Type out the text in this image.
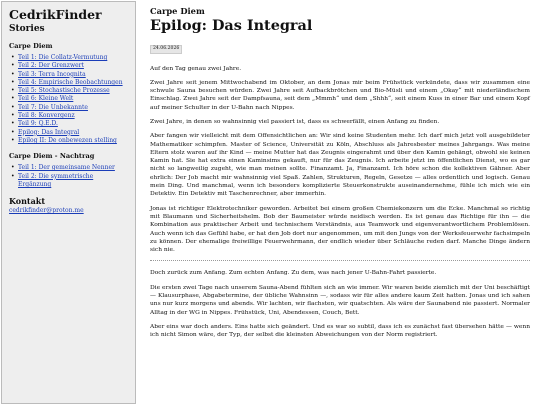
CedrikFinder
Stories
Carpe Diem
• Teil 1: Die Collatz-Vermutung
• Teil 2: Der Grenzwert
• Teil 3: Terra Incognita
• Teil 4: Empirische Beobachtungen
• Teil 5: Stochastische Prozesse
• Teil 6: Kleine Welt
• Teil 7: Die Unbekannte
• Teil 8: Konvergenz
• Teil 9: Q.E.D.
• Epilog: Das Integral
• Epilog II: De onbewezen stelling
Carpe Diem - Nachtrag
• Teil 1: Der gemeinsame Nenner
• Teil 2: Die symmetrische
Ergänzung
Kontakt
cedrikfinder@proton.me
Carpe Diem
Epilog: Das Integral
24.06.2026

Auf den Tag genau zwei Jahre.

Zwei Jahre seit jenem Mittwochabend im Oktober, an dem Jonas mir beim Frühstück verkündete, dass wir zusammen eine schwule Sauna besuchen würden. Zwei Jahre seit Aufbackbrötchen und Bio-Müsli und einem „Okay“ mit niederländischem Einschlag. Zwei Jahre seit der Dampfsauna, seit dem „Mmmh“ und dem „Shhh“, seit einem Kuss in einer Bar und einem Kopf auf meiner Schulter in der U-Bahn nach Nippes.

Zwei Jahre, in denen so wahnsinnig viel passiert ist, dass es schwerfällt, einen Anfang zu finden.

Aber fangen wir vielleicht mit dem Offensichtlichen an: Wir sind keine Studenten mehr. Ich darf mich jetzt voll ausgebildeter Mathematiker schimpfen. Master of Science, Universität zu Köln, Abschluss als Jahresbester meines Jahrgangs. Was meine Eltern stolz waren auf ihr Kind — meine Mutter hat das Zeugnis eingerahmt und über den Kamin gehängt, obwohl sie keinen Kamin hat. Sie hat extra einen Kaminsims gekauft, nur für das Zeugnis. Ich arbeite jetzt im öffentlichen Dienst, wo es gar nicht so langweilig zugeht, wie man meinen sollte. Finanzamt. Ja, Finanzamt. Ich höre schon die kollektiven Gähner. Aber ehrlich: Der Job macht mir wahnsinnig viel Spaß. Zahlen, Strukturen, Regeln, Gesetze — alles ordentlich und logisch. Genau mein Ding. Und manchmal, wenn ich besonders komplizierte Steuerkonstrukte auseinandernehme, fühle ich mich wie ein Detektiv. Ein Detektiv mit Taschenrechner, aber immerhin.

Jonas ist richtiger Elektrotechniker geworden. Arbeitet bei einem großen Chemiekonzern um die Ecke. Manchmal so richtig mit Blaumann und Sicherheitshelm. Bob der Baumeister würde neidisch werden. Es ist genau das Richtige für ihn — die Kombination aus praktischer Arbeit und technischem Verständnis, aus Teamwork und eigenverantwortlichem Problemlösen. Auch wenn ich das Gefühl habe, er hat den Job dort nur angenommen, um mit den Jungs von der Werksfeuerwehr fachsimpeln zu können. Der ehemalige freiwillige Feuerwehrmann, der endlich wieder über Schläuche reden darf. Manche Dinge ändern sich nie.

Doch zurück zum Anfang. Zum echten Anfang. Zu dem, was nach jener U-Bahn-Fahrt passierte.

Die ersten zwei Tage nach unserem Sauna-Abend fühlten sich an wie immer. Wir waren beide ziemlich mit der Uni beschäftigt — Klausurphase, Abgabetermine, der übliche Wahnsinn —, sodass wir für alles andere kaum Zeit hatten. Jonas und ich sahen uns nur kurz morgens und abends. Wir lachten, wir flachsten, wir quatschten. Als wäre der Saunabend nie passiert. Normaler Alltag in der WG in Nippes. Frühstück, Uni, Abendessen, Couch, Bett.

Aber eins war doch anders. Eins hatte sich geändert. Und es war so subtil, dass ich es zunächst fast übersehen hätte — wenn ich nicht Simon wäre, der Typ, der selbst die kleinsten Abweichungen von der Norm registriert.
